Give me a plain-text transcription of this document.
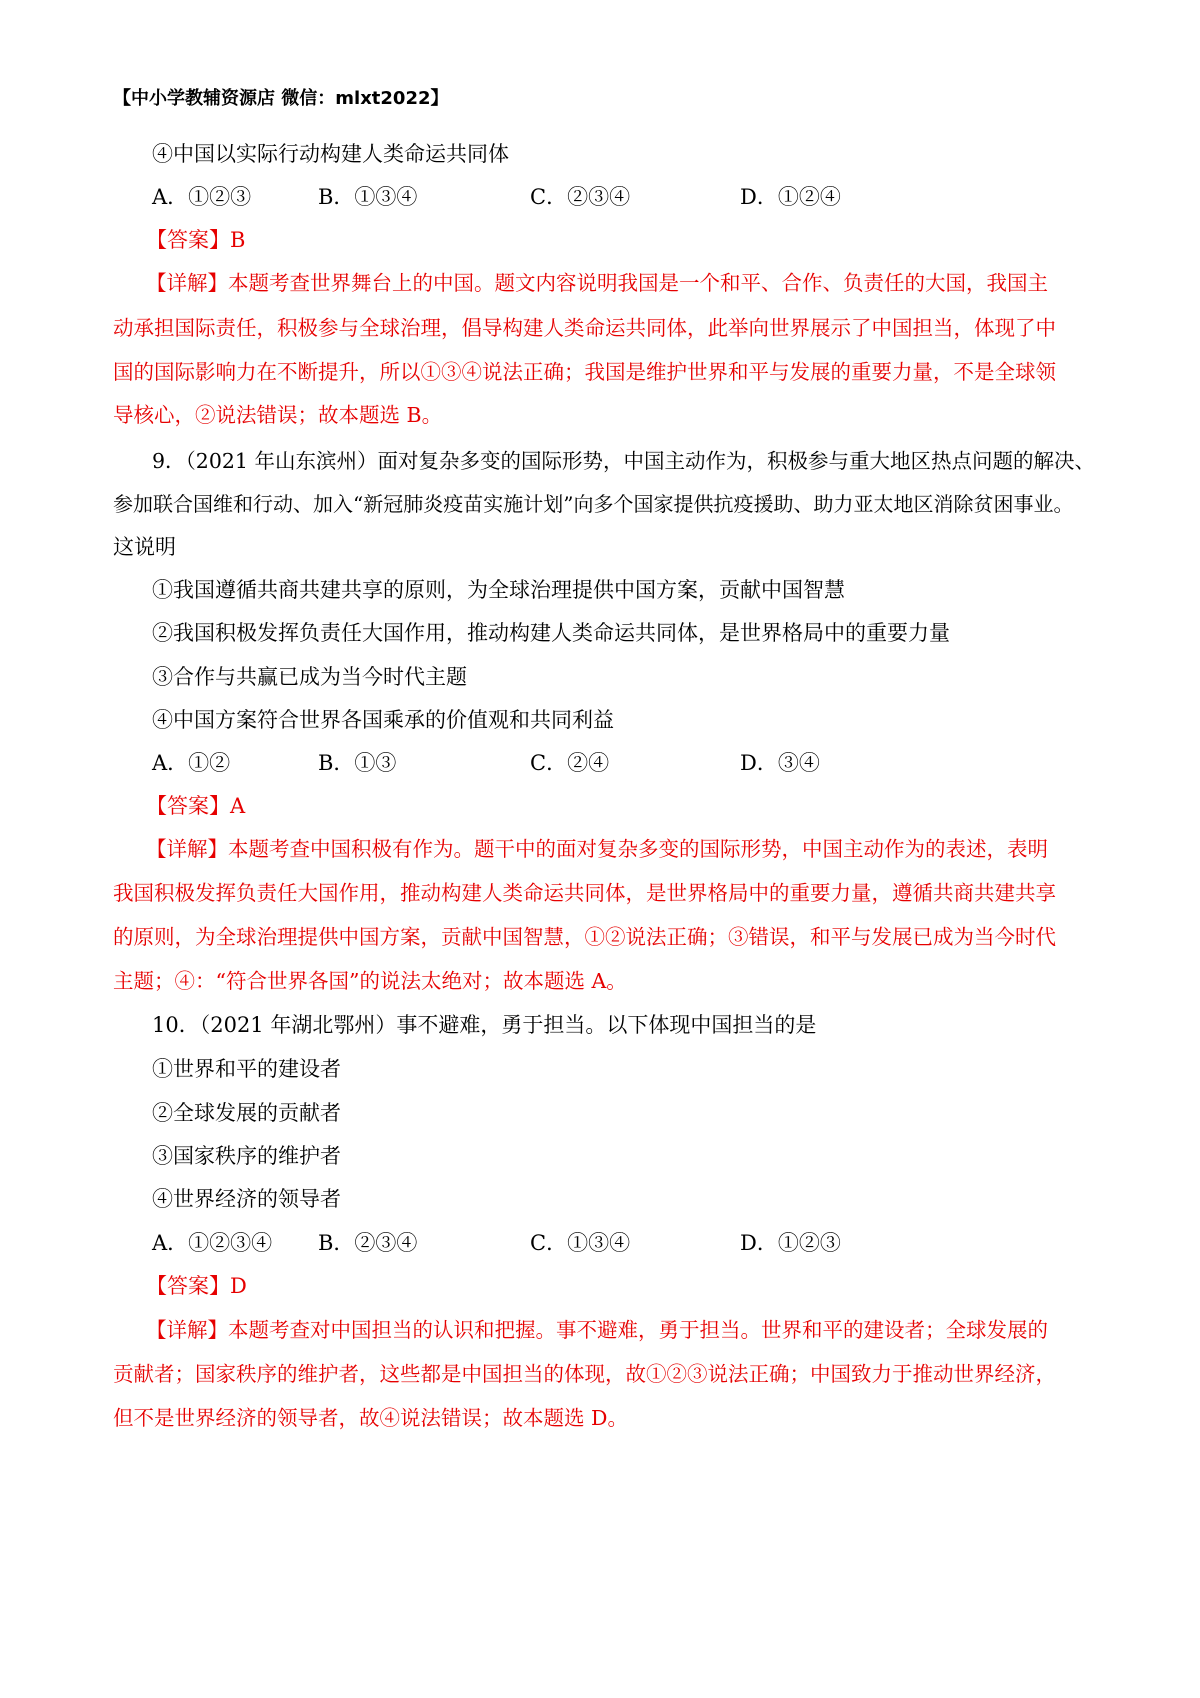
【中小学教辅资源店 微信：mlxt2022】
④中国以实际行动构建人类命运共同体
A．①②③	B．①③④	C．②③④	D．①②④
【答案】B
【详解】本题考查世界舞台上的中国。题文内容说明我国是一个和平、合作、负责任的大国，我国主
动承担国际责任，积极参与全球治理，倡导构建人类命运共同体，此举向世界展示了中国担当，体现了中
国的国际影响力在不断提升，所以①③④说法正确；我国是维护世界和平与发展的重要力量，不是全球领
导核心，②说法错误；故本题选 B。
9．（2021 年山东滨州）面对复杂多变的国际形势，中国主动作为，积极参与重大地区热点问题的解决、
参加联合国维和行动、加入“新冠肺炎疫苗实施计划”向多个国家提供抗疫援助、助力亚太地区消除贫困事业。
这说明
①我国遵循共商共建共享的原则，为全球治理提供中国方案，贡献中国智慧
②我国积极发挥负责任大国作用，推动构建人类命运共同体，是世界格局中的重要力量
③合作与共赢已成为当今时代主题
④中国方案符合世界各国乘承的价值观和共同利益
A．①②	B．①③	C．②④	D．③④
【答案】A
【详解】本题考查中国积极有作为。题干中的面对复杂多变的国际形势，中国主动作为的表述，表明
我国积极发挥负责任大国作用，推动构建人类命运共同体，是世界格局中的重要力量，遵循共商共建共享
的原则，为全球治理提供中国方案，贡献中国智慧，①②说法正确；③错误，和平与发展已成为当今时代
主题；④：“符合世界各国”的说法太绝对；故本题选 A。
10．（2021 年湖北鄂州）事不避难，勇于担当。以下体现中国担当的是
①世界和平的建设者
②全球发展的贡献者
③国家秩序的维护者
④世界经济的领导者
A．①②③④ B．②③④	C．①③④	D．①②③
【答案】D
【详解】本题考查对中国担当的认识和把握。事不避难，勇于担当。世界和平的建设者；全球发展的
贡献者；国家秩序的维护者，这些都是中国担当的体现，故①②③说法正确；中国致力于推动世界经济，
但不是世界经济的领导者，故④说法错误；故本题选 D。
